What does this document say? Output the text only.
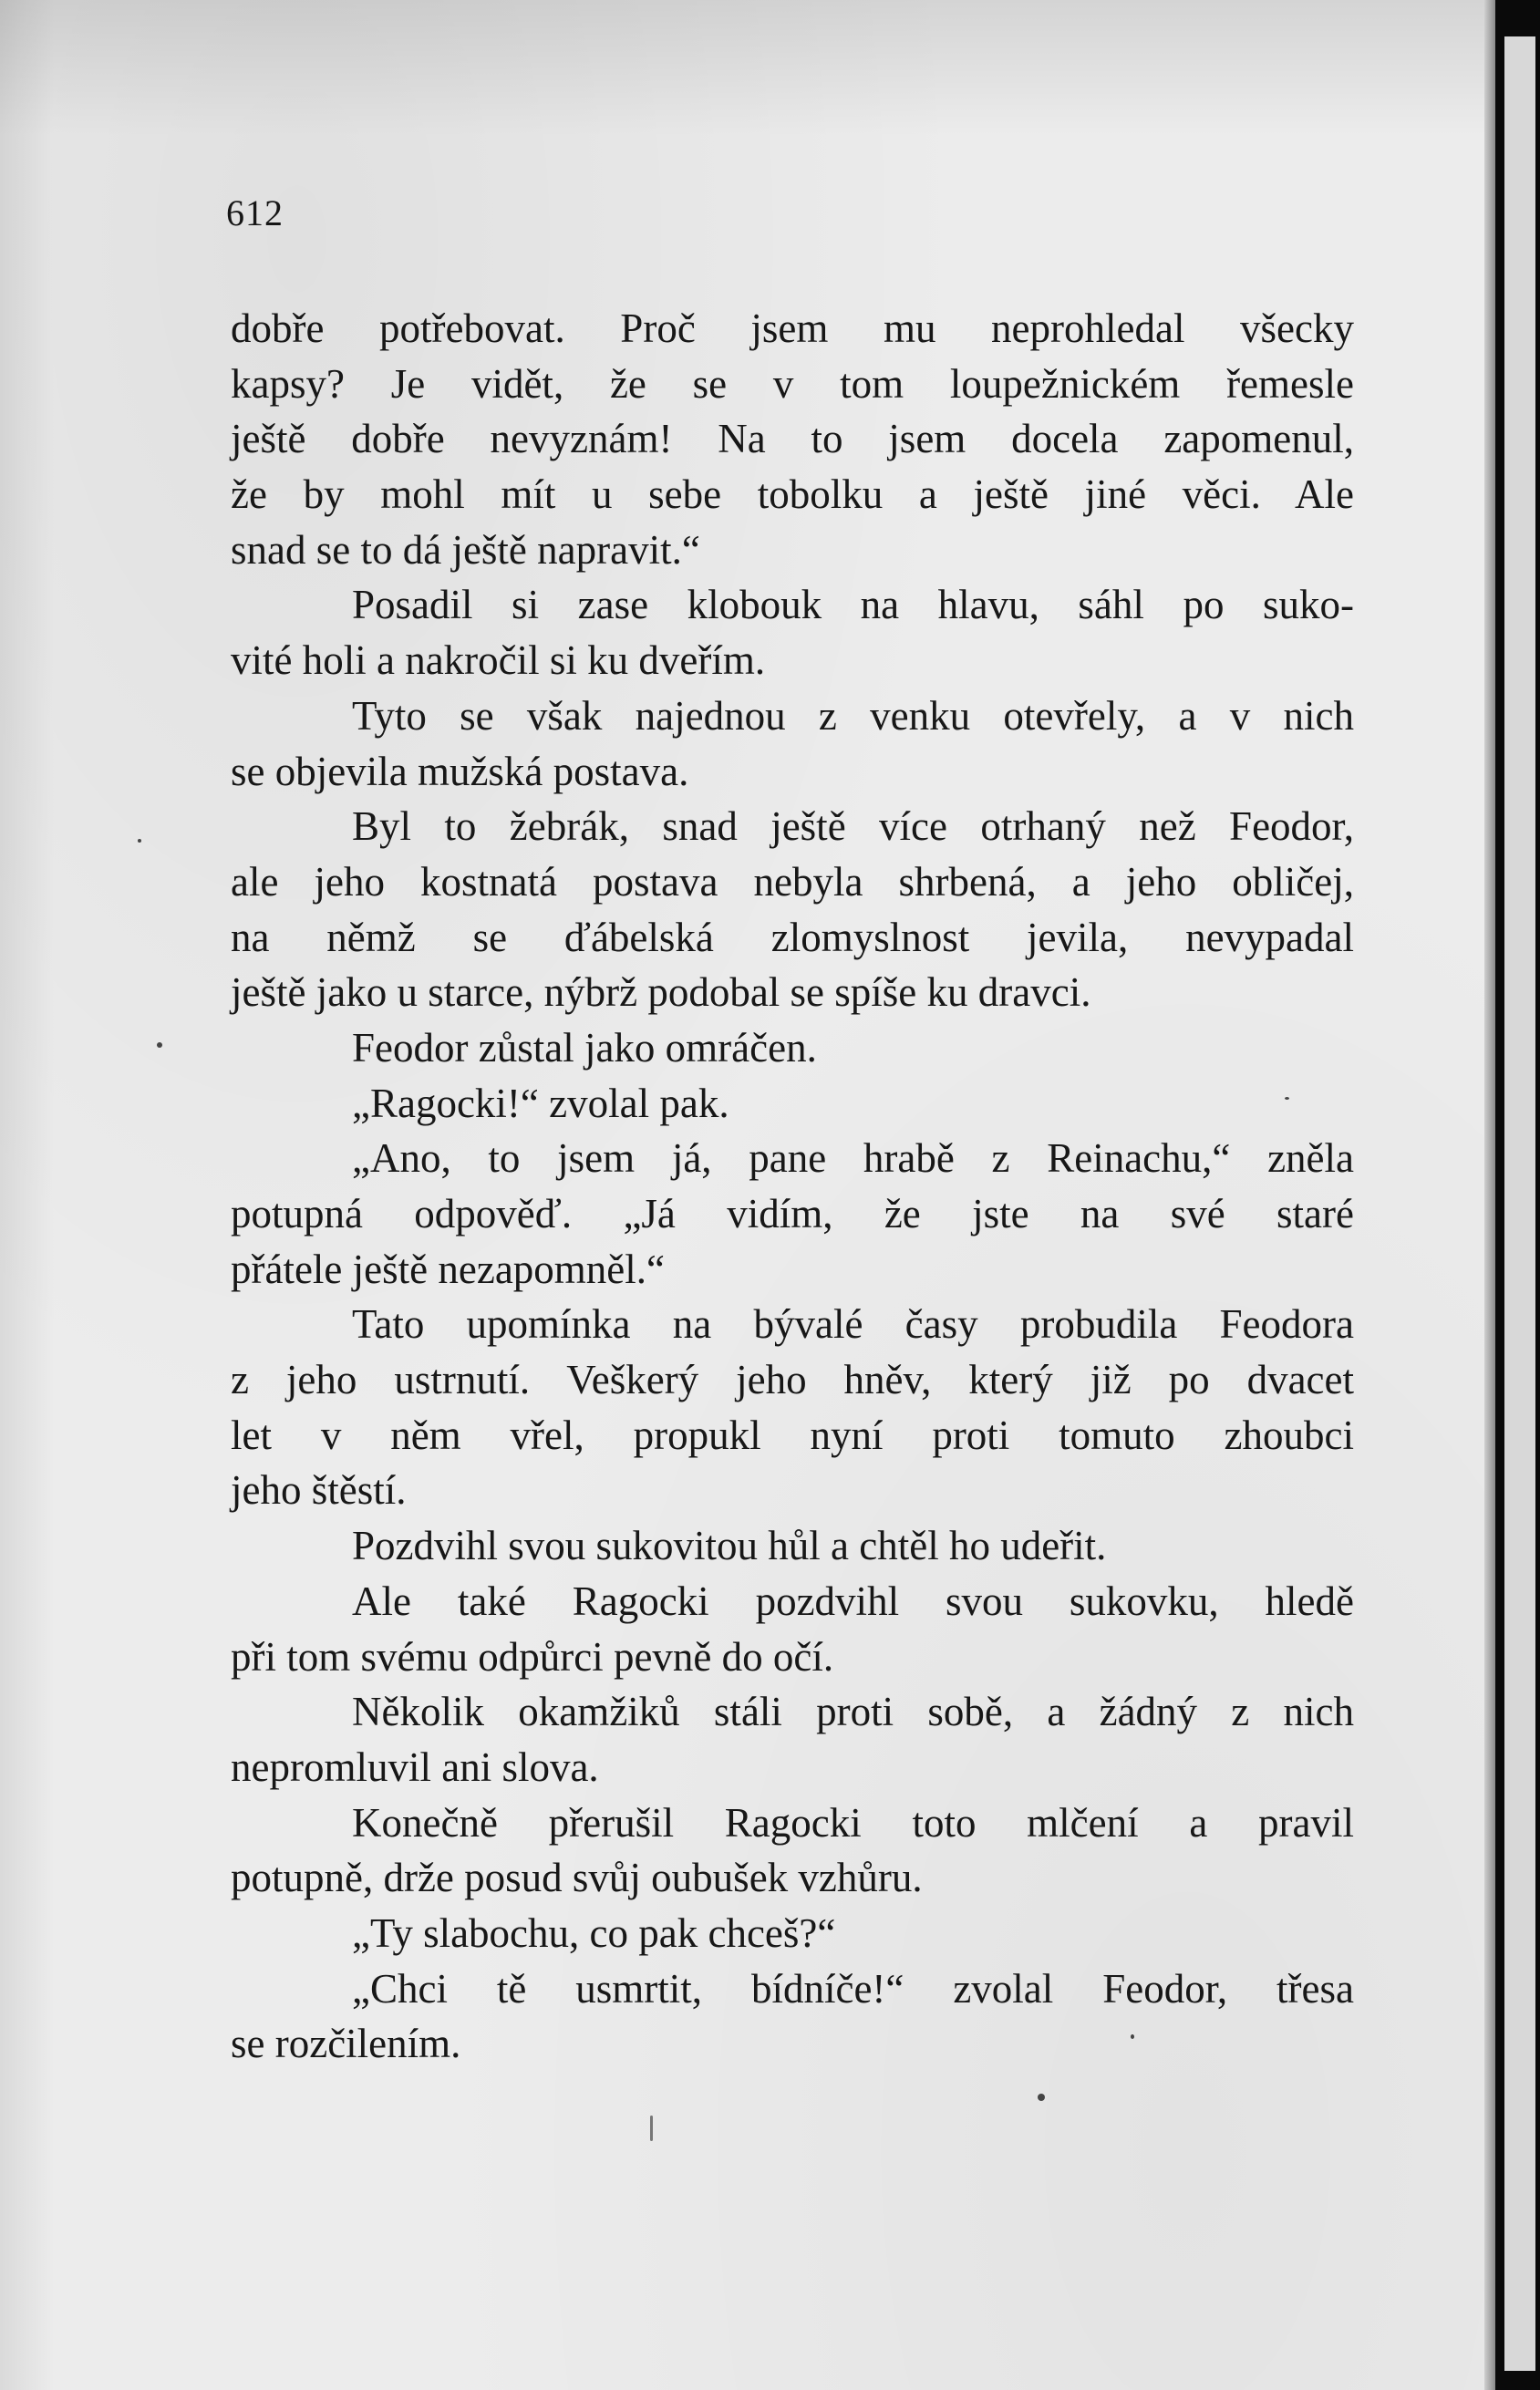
612
dobře potřebovat. Proč jsem mu neprohledal všecky
kapsy? Je vidět, že se v tom loupežnickém řemesle
ještě dobře nevyznám! Na to jsem docela zapomenul,
že by mohl mít u sebe tobolku a ještě jiné věci. Ale
snad se to dá ještě napravit.“
Posadil si zase klobouk na hlavu, sáhl po suko-
vité holi a nakročil si ku dveřím.
Tyto se však najednou z venku otevřely, a v nich
se objevila mužská postava.
Byl to žebrák, snad ještě více otrhaný než Feodor,
ale jeho kostnatá postava nebyla shrbená, a jeho obličej,
na němž se ďábelská zlomyslnost jevila, nevypadal
ještě jako u starce, nýbrž podobal se spíše ku dravci.
Feodor zůstal jako omráčen.
„Ragocki!“ zvolal pak.
„Ano, to jsem já, pane hrabě z Reinachu,“ zněla
potupná odpověď. „Já vidím, že jste na své staré
přátele ještě nezapomněl.“
Tato upomínka na bývalé časy probudila Feodora
z jeho ustrnutí. Veškerý jeho hněv, který již po dvacet
let v něm vřel, propukl nyní proti tomuto zhoubci
jeho štěstí.
Pozdvihl svou sukovitou hůl a chtěl ho udeřit.
Ale také Ragocki pozdvihl svou sukovku, hledě
při tom svému odpůrci pevně do očí.
Několik okamžiků stáli proti sobě, a žádný z nich
nepromluvil ani slova.
Konečně přerušil Ragocki toto mlčení a pravil
potupně, drže posud svůj oubušek vzhůru.
„Ty slabochu, co pak chceš?“
„Chci tě usmrtit, bídníče!“ zvolal Feodor, třesa
se rozčilením.
